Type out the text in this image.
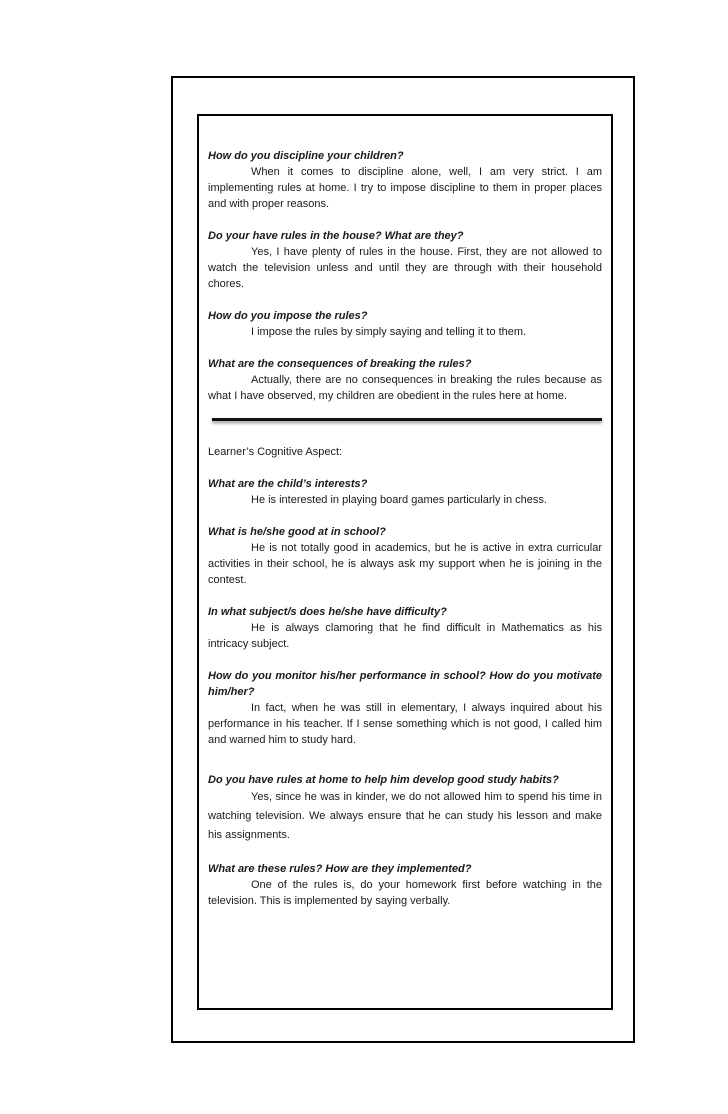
How do you discipline your children?

When it comes to discipline alone, well, I am very strict. I am implementing rules at home. I try to impose discipline to them in proper places and with proper reasons.

Do your have rules in the house? What are they?

Yes, I have plenty of rules in the house. First, they are not allowed to watch the television unless and until they are through with their household chores.

How do you impose the rules?

I impose the rules by simply saying and telling it to them.

What are the consequences of breaking the rules?

Actually, there are no consequences in breaking the rules because as what I have observed, my children are obedient in the rules here at home.

Learner’s Cognitive Aspect:

What are the child’s interests?

He is interested in playing board games particularly in chess.

What is he/she good at in school?

He is not totally good in academics, but he is active in extra curricular activities in their school, he is always ask my support when he is joining in the contest.

In what subject/s does he/she have difficulty?

He is always clamoring that he find difficult in Mathematics as his intricacy subject.

How do you monitor his/her performance in school? How do you motivate him/her?

In fact, when he was still in elementary, I always inquired about his performance in his teacher. If I sense something which is not good, I called him and warned him to study hard.

Do you have rules at home to help him develop good study habits?

Yes, since he was in kinder, we do not allowed him to spend his time in watching television. We always ensure that he can study his lesson and make his assignments.

What are these rules? How are they implemented?

One of the rules is, do your homework first before watching in the television. This is implemented by saying verbally.
